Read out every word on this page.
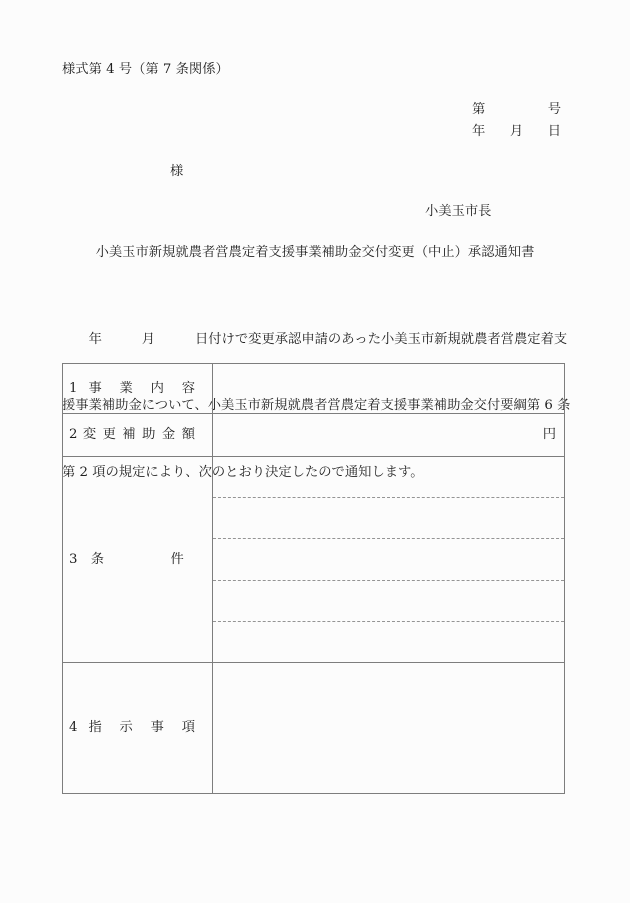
様式第 4 号（第 7 条関係）
第	号
年 月 日
様
小美玉市長
小美玉市新規就農者営農定着支援事業補助金交付変更（中止）承認通知書

　　年　　　月　　　日付けで変更承認申請のあった小美玉市新規就農者営農定着支

援事業補助金について、小美玉市新規就農者営農定着支援事業補助金交付要綱第 6 条

第 2 項の規定により、次のとおり決定したので通知します。

1 事 業 内 容
2 変 更 補 助 金 額	円
3　条　　　　　件
4 指 示 事 項
